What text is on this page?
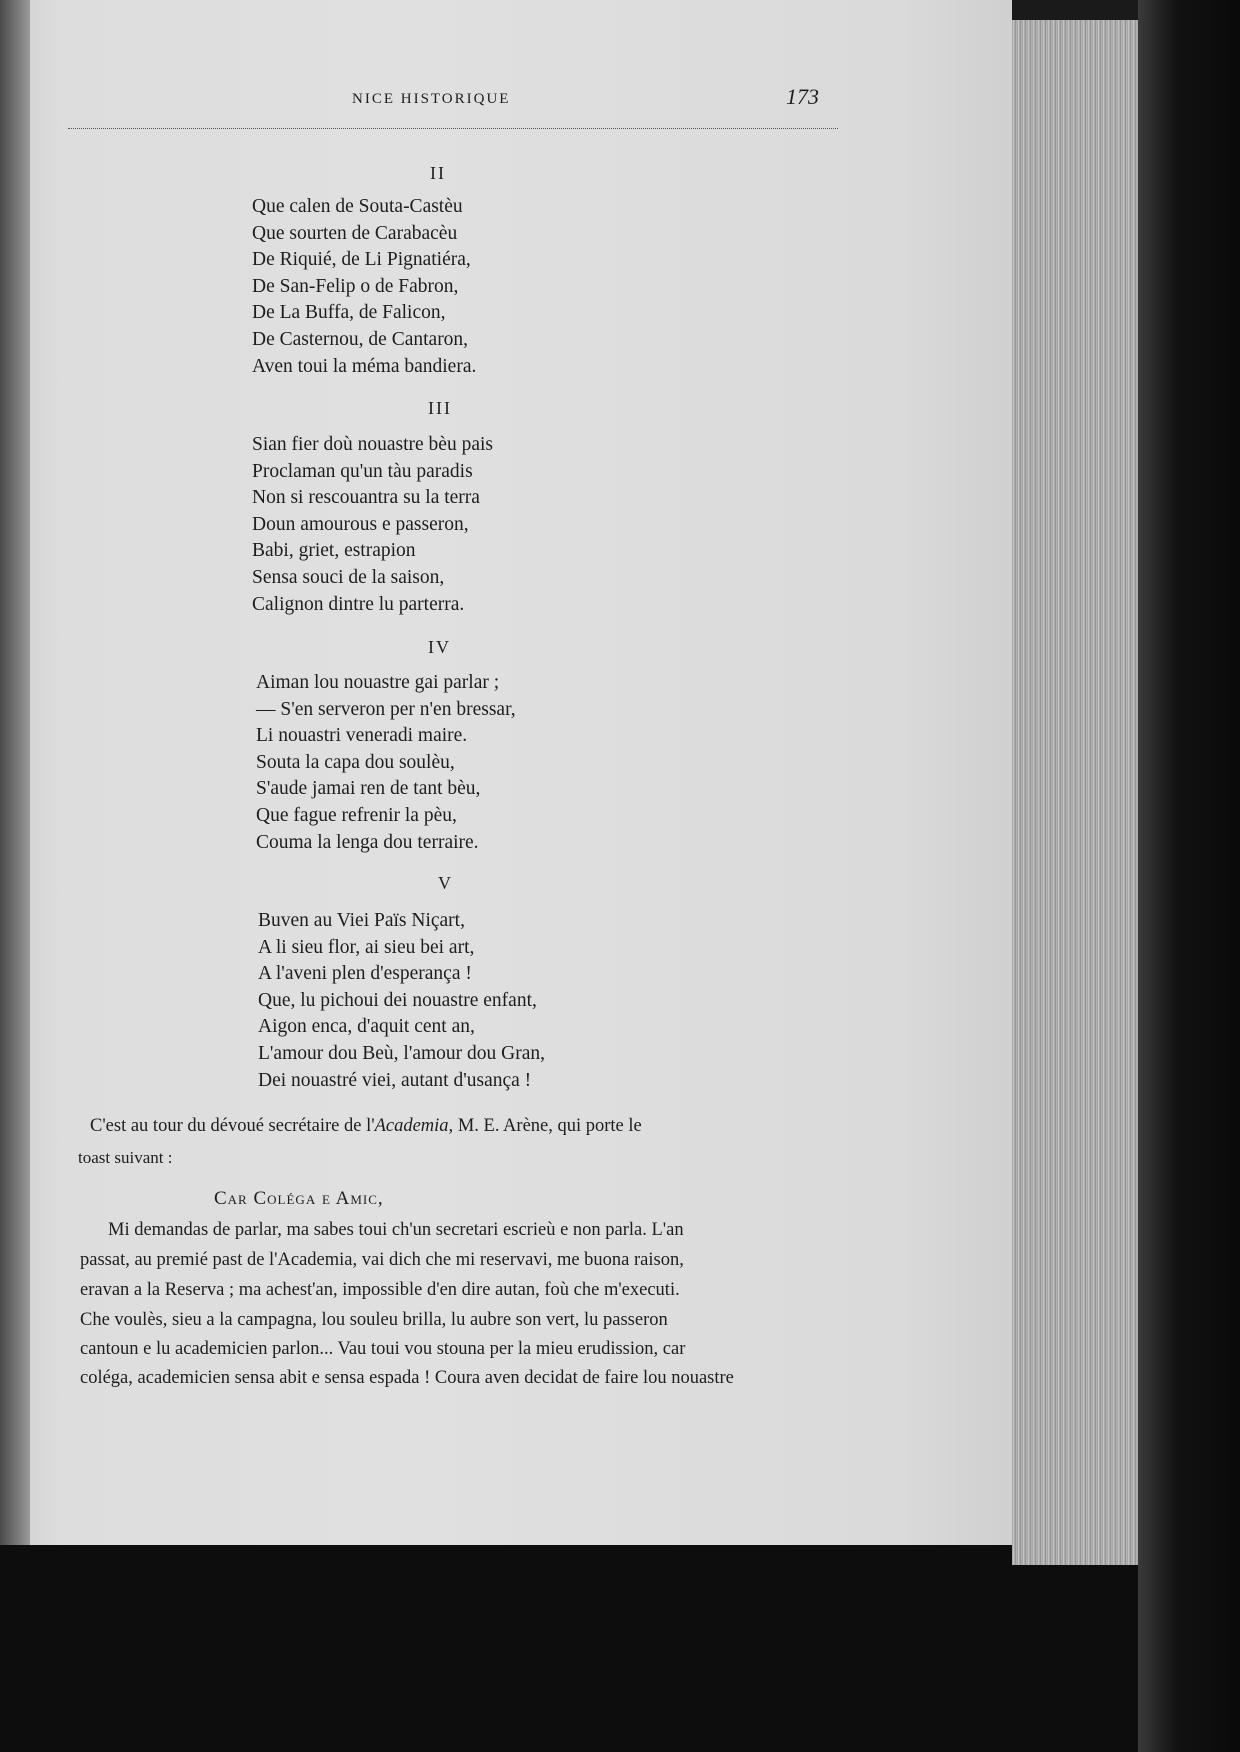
NICE HISTORIQUE	173
II
Que calen de Souta-Castèu
Que sourten de Carabacèu
De Riquié, de Li Pignatiéra,
De San-Felip o de Fabron,
De La Buffa, de Falicon,
De Casternou, de Cantaron,
Aven toui la méma bandiera.
III
Sian fier doù nouastre bèu pais
Proclaman qu'un tàu paradis
Non si rescouantra su la terra
Doun amourous e passeron,
Babi, griet, estrapion
Sensa souci de la saison,
Calignon dintre lu parterra.
IV
Aiman lou nouastre gai parlar ;
— S'en serveron per n'en bressar,
Li nouastri veneradi maire.
Souta la capa dou soulèu,
S'aude jamai ren de tant bèu,
Que fague refrenir la pèu,
Couma la lenga dou terraire.
V
Buven au Viei Païs Niçart,
A li sieu flor, ai sieu bei art,
A l'aveni plen d'esperança !
Que, lu pichoui dei nouastre enfant,
Aigon enca, d'aquit cent an,
L'amour dou Beù, l'amour dou Gran,
Dei nouastré viei, autant d'usança !
C'est au tour du dévoué secrétaire de l'Academia, M. E. Arène, qui porte le
toast suivant :
Car Coléga e Amic,
Mi demandas de parlar, ma sabes toui ch'un secretari escrieù e non parla. L'an
passat, au premié past de l'Academia, vai dich che mi reservavi, me buona raison,
eravan a la Reserva ; ma achest'an, impossible d'en dire autan, foù che m'executi.
Che voulès, sieu a la campagna, lou souleu brilla, lu aubre son vert, lu passeron
cantoun e lu academicien parlon... Vau toui vou stouna per la mieu erudission, car
coléga, academicien sensa abit e sensa espada ! Coura aven decidat de faire lou nouastre
